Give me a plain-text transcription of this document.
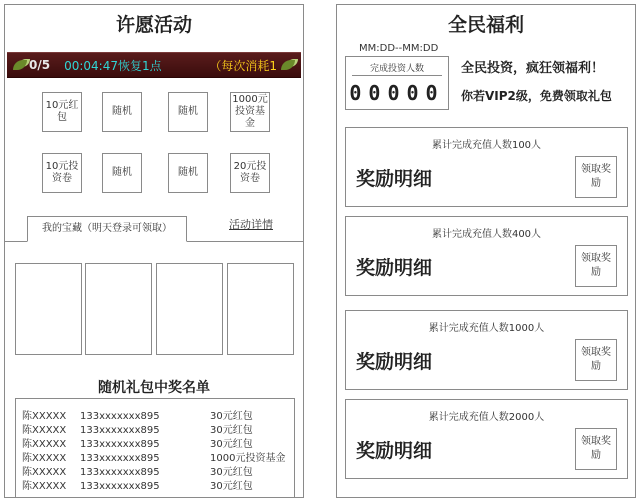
许愿活动
0/5 00:04:47恢复1点	（每次消耗1
10元红包
随机	随机
1000元投资基金
10元投资卷
随机	随机
20元投资卷
我的宝藏（明天登录可领取）	活动详情
随机礼包中奖名单
陈XXXXX 133xxxxxxx895	30元红包
陈XXXXX 133xxxxxxx895	30元红包
陈XXXXX 133xxxxxxx895	30元红包
陈XXXXX 133xxxxxxx895	1000元投资基金
陈XXXXX 133xxxxxxx895	30元红包
陈XXXXX 133xxxxxxx895	30元红包
全民福利
MM:DD--MM:DD
完成投资人数
00000
全民投资，疯狂领福利！
你若VIP2级，免费领取礼包
累计完成充值人数100人
奖励明细	领取奖励
累计完成充值人数400人
奖励明细	领取奖励
累计完成充值人数1000人
奖励明细	领取奖励
累计完成充值人数2000人
奖励明细	领取奖励
